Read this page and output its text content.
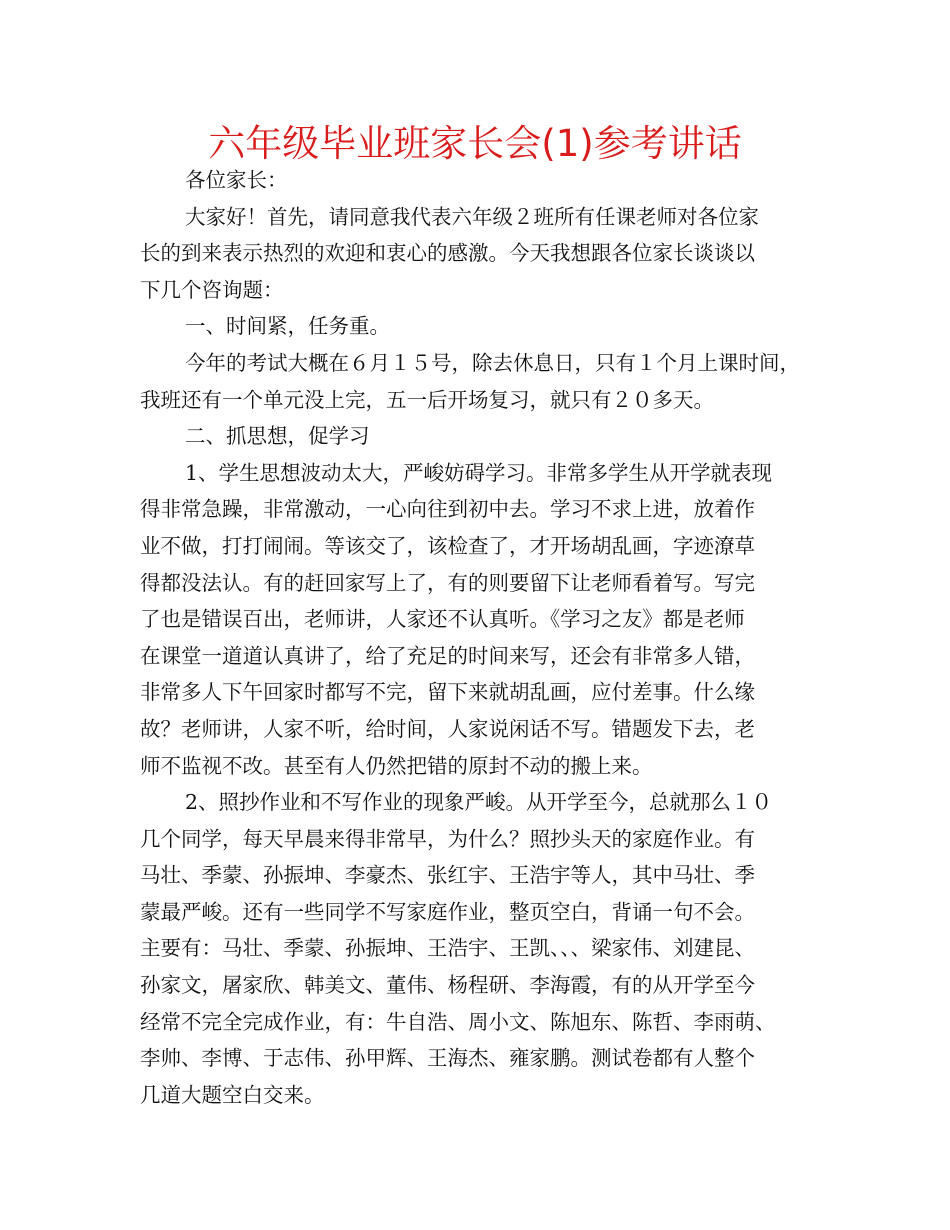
六年级毕业班家长会(1)参考讲话

各位家长：

大家好！首先，请同意我代表六年级２班所有任课老师对各位家
长的到来表示热烈的欢迎和衷心的感激。今天我想跟各位家长谈谈以
下几个咨询题：

一、时间紧，任务重。

今年的考试大概在６月１５号，除去休息日，只有１个月上课时间，
我班还有一个单元没上完，五一后开场复习，就只有２０多天。

二、抓思想，促学习

1、学生思想波动太大，严峻妨碍学习。非常多学生从开学就表现
得非常急躁，非常激动，一心向往到初中去。学习不求上进，放着作
业不做，打打闹闹。等该交了，该检查了，才开场胡乱画，字迹潦草
得都没法认。有的赶回家写上了，有的则要留下让老师看着写。写完
了也是错误百出，老师讲，人家还不认真听。《学习之友》都是老师
在课堂一道道认真讲了，给了充足的时间来写，还会有非常多人错，
非常多人下午回家时都写不完，留下来就胡乱画，应付差事。什么缘
故？老师讲，人家不听，给时间，人家说闲话不写。错题发下去，老
师不监视不改。甚至有人仍然把错的原封不动的搬上来。

2、照抄作业和不写作业的现象严峻。从开学至今，总就那么１０
几个同学，每天早晨来得非常早，为什么？照抄头天的家庭作业。有
马壮、季蒙、孙振坤、李豪杰、张红宇、王浩宇等人，其中马壮、季
蒙最严峻。还有一些同学不写家庭作业，整页空白，背诵一句不会。
主要有：马壮、季蒙、孙振坤、王浩宇、王凯、、、梁家伟、刘建昆、
孙家文，屠家欣、韩美文、董伟、杨程研、李海霞，有的从开学至今
经常不完全完成作业，有：牛自浩、周小文、陈旭东、陈哲、李雨萌、
李帅、李博、于志伟、孙甲辉、王海杰、雍家鹏。测试卷都有人整个
几道大题空白交来。
